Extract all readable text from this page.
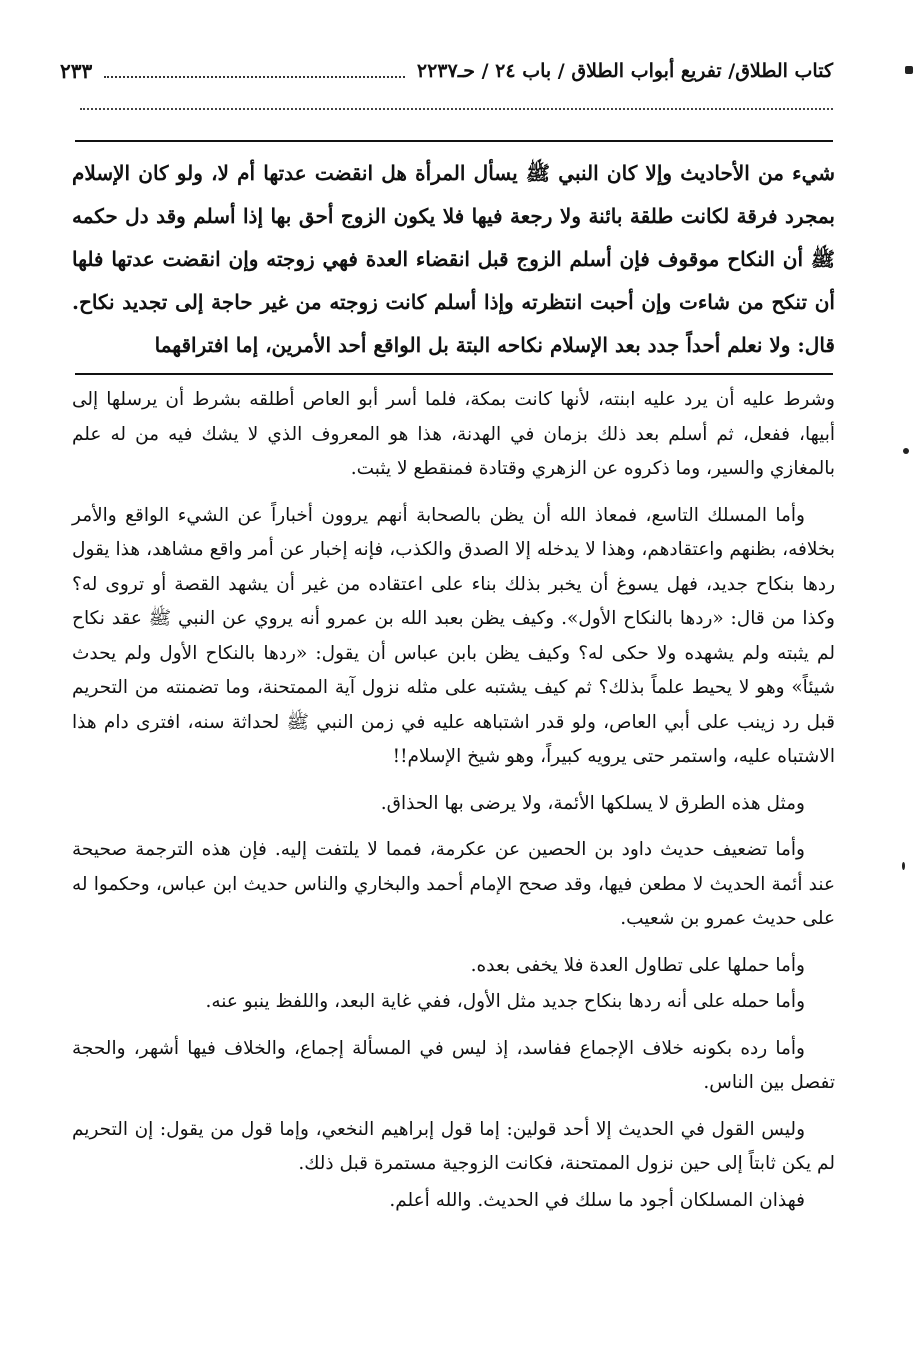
كتاب الطلاق/ تفريع أبواب الطلاق / باب ٢٤ / حـ٢٢٣٧
٢٣٣
شيء من الأحاديث وإلا كان النبي ﷺ يسأل المرأة هل انقضت عدتها أم لا، ولو كان الإسلام بمجرد فرقة لكانت طلقة بائنة ولا رجعة فيها فلا يكون الزوج أحق بها إذا أسلم وقد دل حكمه ﷺ أن النكاح موقوف فإن أسلم الزوج قبل انقضاء العدة فهي زوجته وإن انقضت عدتها فلها أن تنكح من شاءت وإن أحبت انتظرته وإذا أسلم كانت زوجته من غير حاجة إلى تجديد نكاح. قال: ولا نعلم أحداً جدد بعد الإسلام نكاحه البتة بل الواقع أحد الأمرين، إما افتراقهما

وشرط عليه أن يرد عليه ابنته، لأنها كانت بمكة، فلما أسر أبو العاص أطلقه بشرط أن يرسلها إلى أبيها، ففعل، ثم أسلم بعد ذلك بزمان في الهدنة، هذا هو المعروف الذي لا يشك فيه من له علم بالمغازي والسير، وما ذكروه عن الزهري وقتادة فمنقطع لا يثبت.

وأما المسلك التاسع، فمعاذ الله أن يظن بالصحابة أنهم يروون أخباراً عن الشيء الواقع والأمر بخلافه، بظنهم واعتقادهم، وهذا لا يدخله إلا الصدق والكذب، فإنه إخبار عن أمر واقع مشاهد، هذا يقول ردها بنكاح جديد، فهل يسوغ أن يخبر بذلك بناء على اعتقاده من غير أن يشهد القصة أو تروى له؟ وكذا من قال: «ردها بالنكاح الأول». وكيف يظن بعبد الله بن عمرو أنه يروي عن النبي ﷺ عقد نكاح لم يثبته ولم يشهده ولا حكى له؟ وكيف يظن بابن عباس أن يقول: «ردها بالنكاح الأول ولم يحدث شيئاً» وهو لا يحيط علماً بذلك؟ ثم كيف يشتبه على مثله نزول آية الممتحنة، وما تضمنته من التحريم قبل رد زينب على أبي العاص، ولو قدر اشتباهه عليه في زمن النبي ﷺ لحداثة سنه، افترى دام هذا الاشتباه عليه، واستمر حتى يرويه كبيراً، وهو شيخ الإسلام!!

ومثل هذه الطرق لا يسلكها الأئمة، ولا يرضى بها الحذاق.

وأما تضعيف حديث داود بن الحصين عن عكرمة، فمما لا يلتفت إليه. فإن هذه الترجمة صحيحة عند أئمة الحديث لا مطعن فيها، وقد صحح الإمام أحمد والبخاري والناس حديث ابن عباس، وحكموا له على حديث عمرو بن شعيب.

وأما حملها على تطاول العدة فلا يخفى بعده.

وأما حمله على أنه ردها بنكاح جديد مثل الأول، ففي غاية البعد، واللفظ ينبو عنه.

وأما رده بكونه خلاف الإجماع ففاسد، إذ ليس في المسألة إجماع، والخلاف فيها أشهر، والحجة تفصل بين الناس.

وليس القول في الحديث إلا أحد قولين: إما قول إبراهيم النخعي، وإما قول من يقول: إن التحريم لم يكن ثابتاً إلى حين نزول الممتحنة، فكانت الزوجية مستمرة قبل ذلك.

فهذان المسلكان أجود ما سلك في الحديث. والله أعلم.
